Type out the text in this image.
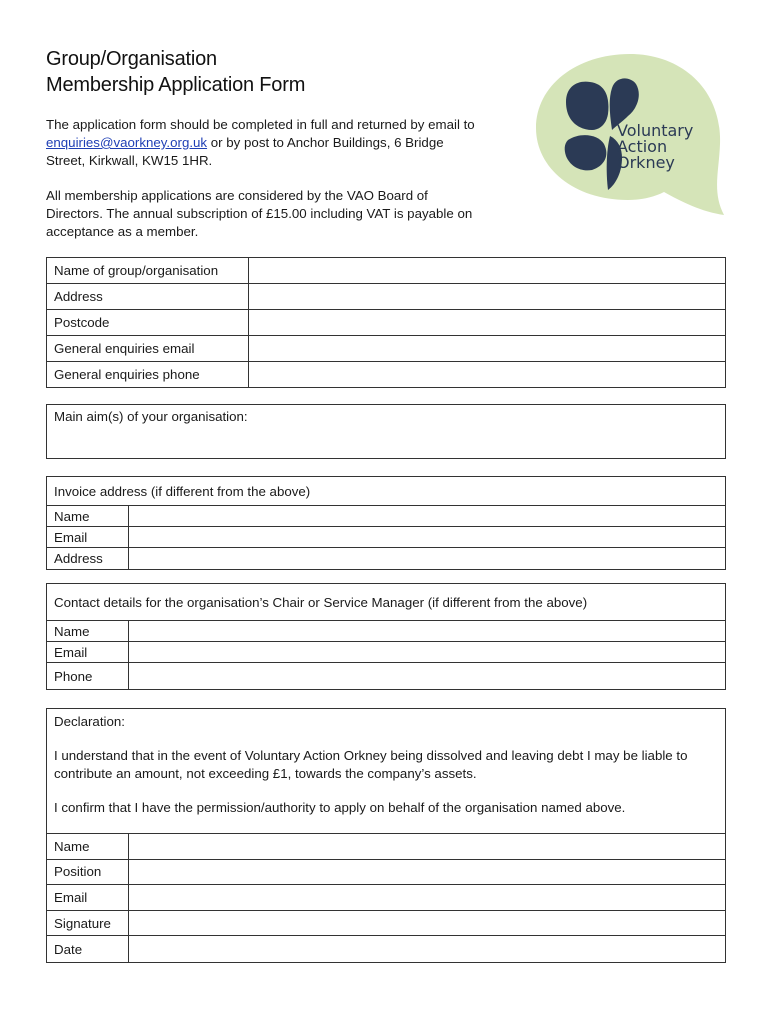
Group/Organisation
Membership Application Form

The application form should be completed in full and returned by email to enquiries@vaorkney.org.uk or by post to Anchor Buildings, 6 Bridge Street, Kirkwall, KW15 1HR.

All membership applications are considered by the VAO Board of Directors. The annual subscription of £15.00 including VAT is payable on acceptance as a member.

Voluntary
Action
Orkney
Name of group/organisation	
Address	
Postcode	
General enquiries email	
General enquiries phone	
Main aim(s) of your organisation:
Invoice address (if different from the above)
Name
Email
Address
Contact details for the organisation’s Chair or Service Manager (if different from the above)
Name
Email
Phone

Declaration:

I understand that in the event of Voluntary Action Orkney being dissolved and leaving debt I may be liable to contribute an amount, not exceeding £1, towards the company’s assets.

I confirm that I have the permission/authority to apply on behalf of the organisation named above.

Name
Position
Email
Signature
Date
